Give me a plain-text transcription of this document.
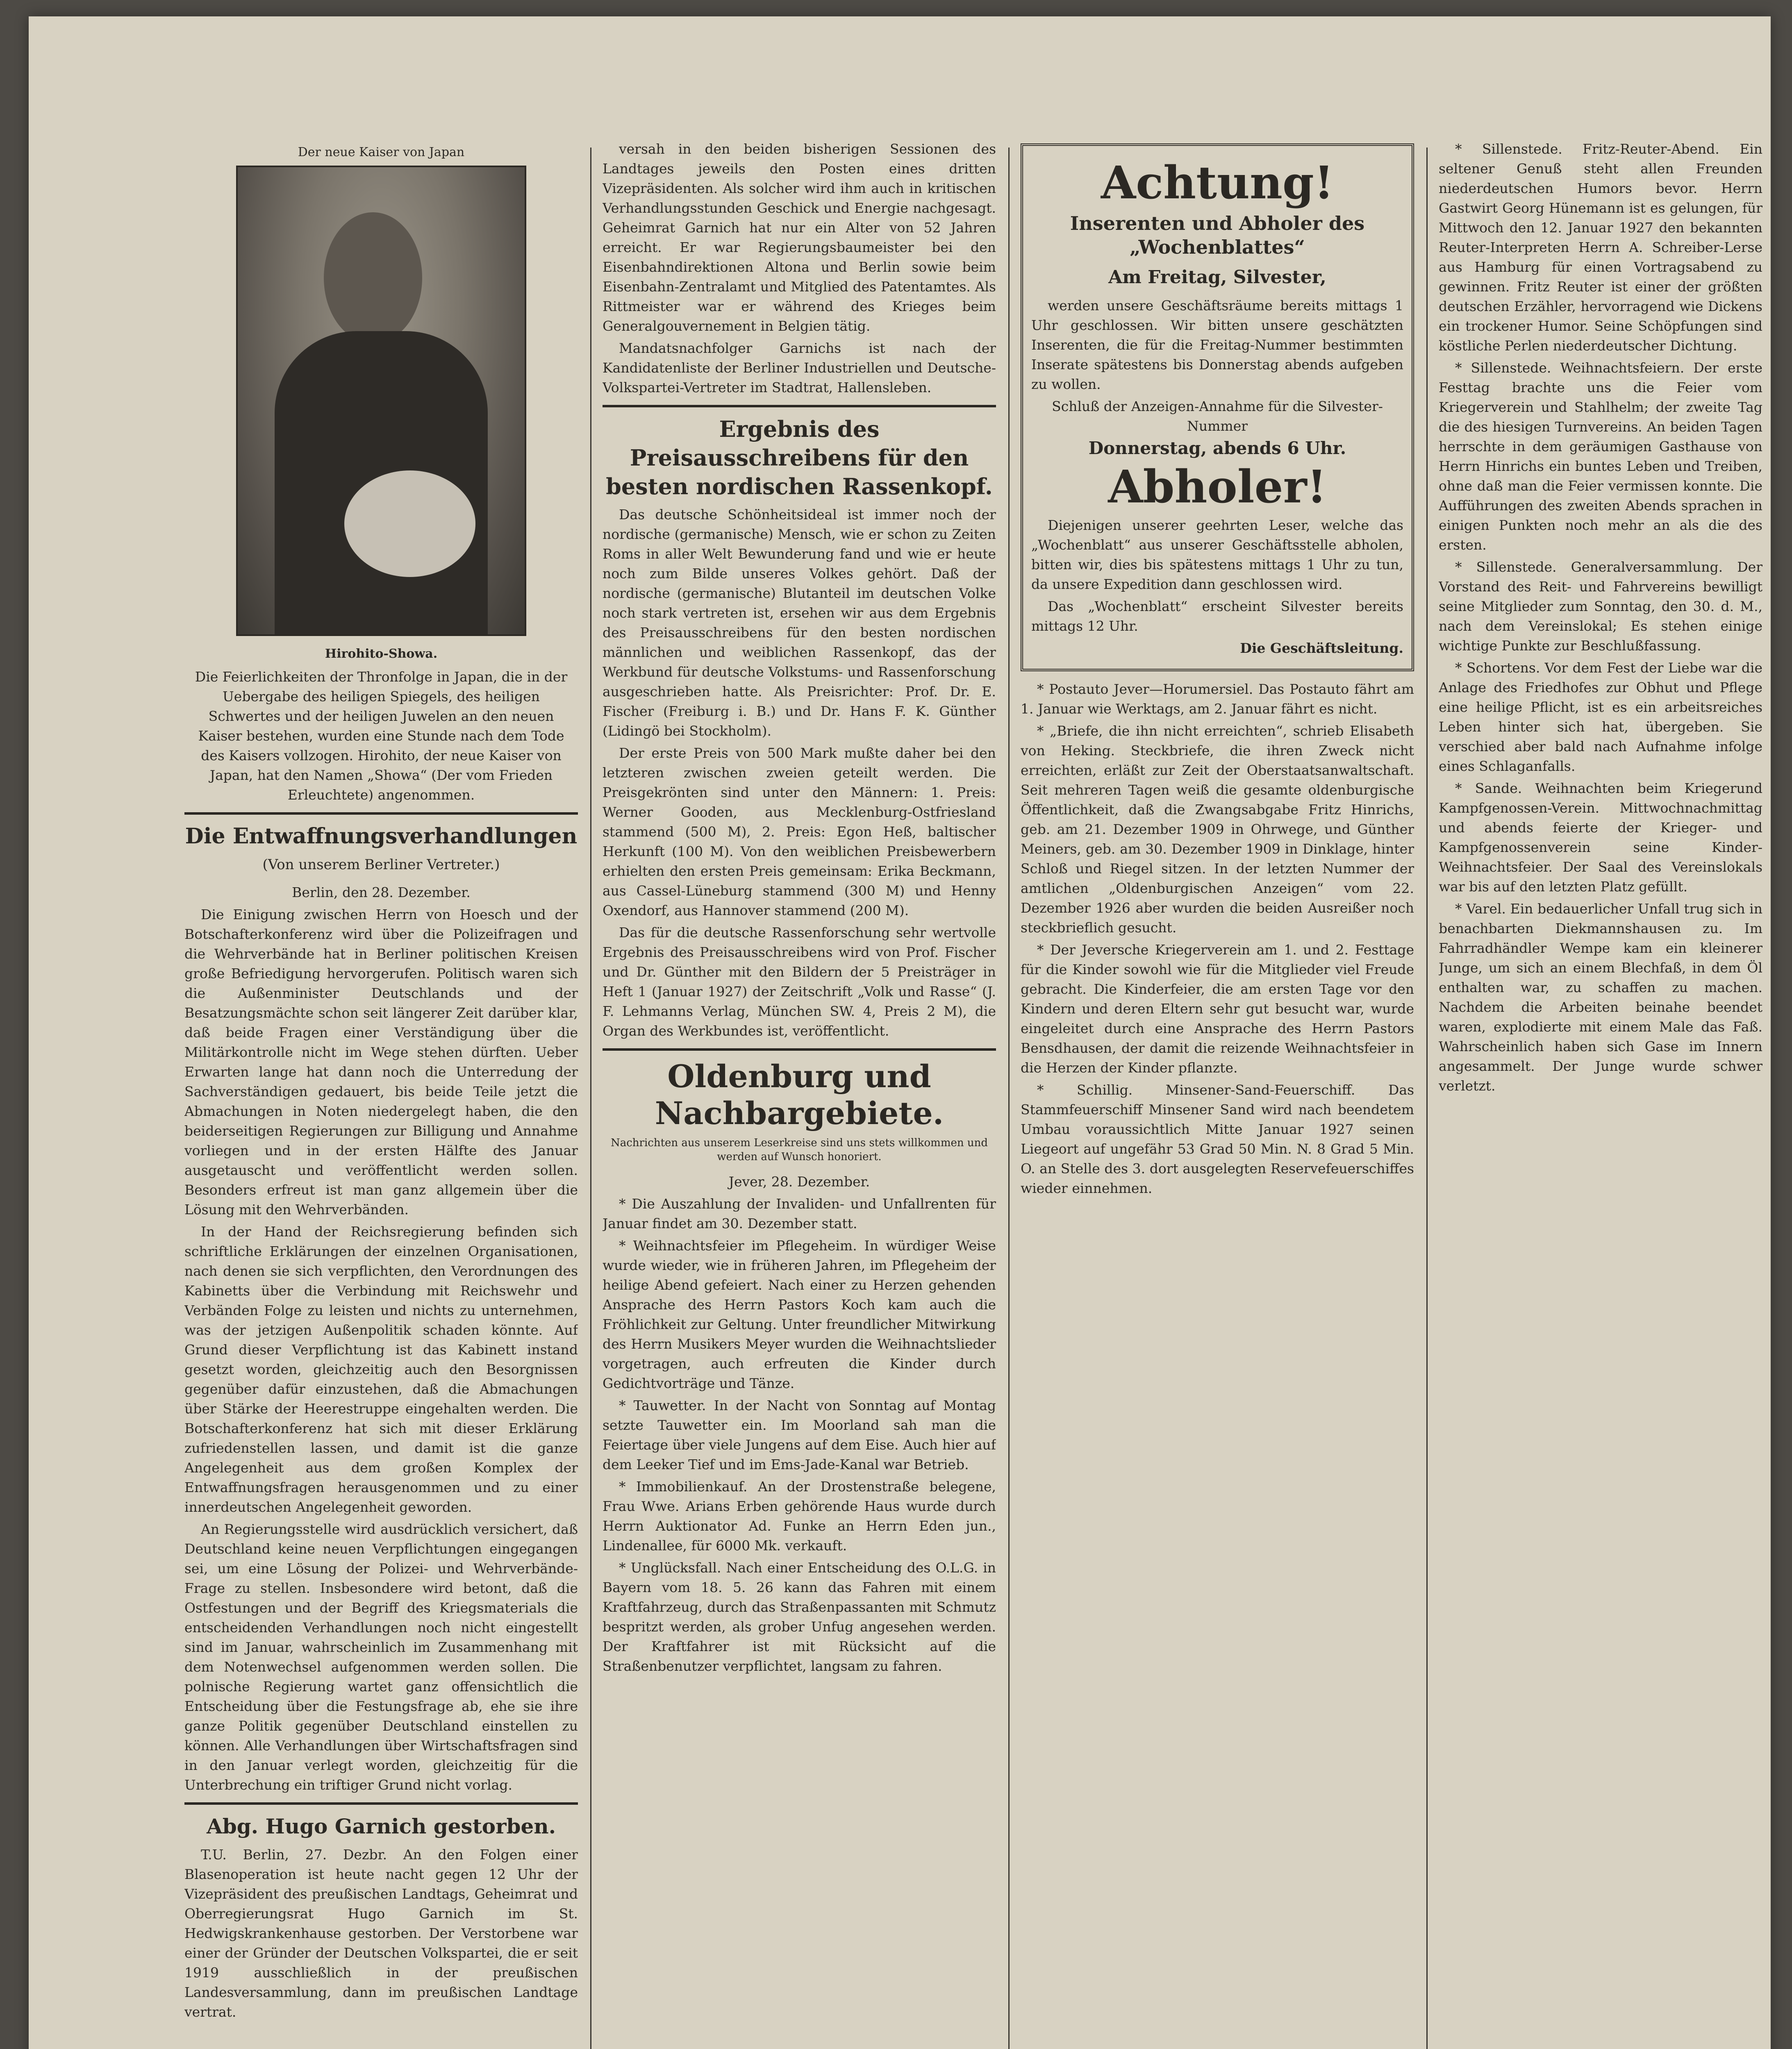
Der neue Kaiser von Japan
Hirohito-Showa.

Die Feierlichkeiten der Thronfolge in Japan, die in der Uebergabe des heiligen Spiegels, des heiligen Schwertes und der heiligen Juwelen an den neuen Kaiser bestehen, wurden eine Stunde nach dem Tode des Kaisers vollzogen. Hirohito, der neue Kaiser von Japan, hat den Namen „Showa“ (Der vom Frieden Erleuchtete) angenommen.

Die Entwaffnungsverhandlungen
(Von unserem Berliner Vertreter.)

Berlin, den 28. Dezember.

Die Einigung zwischen Herrn von Hoesch und der Botschafterkonferenz wird über die Polizeifragen und die Wehrverbände hat in Berliner politischen Kreisen große Befriedigung hervorgerufen. Politisch waren sich die Außenminister Deutschlands und der Besatzungsmächte schon seit längerer Zeit darüber klar, daß beide Fragen einer Verständigung über die Militärkontrolle nicht im Wege stehen dürften. Ueber Erwarten lange hat dann noch die Unterredung der Sachverständigen gedauert, bis beide Teile jetzt die Abmachungen in Noten niedergelegt haben, die den beiderseitigen Regierungen zur Billigung und Annahme vorliegen und in der ersten Hälfte des Januar ausgetauscht und veröffentlicht werden sollen. Besonders erfreut ist man ganz allgemein über die Lösung mit den Wehrverbänden.

In der Hand der Reichsregierung befinden sich schriftliche Erklärungen der einzelnen Organisationen, nach denen sie sich verpflichten, den Verordnungen des Kabinetts über die Verbindung mit Reichswehr und Verbänden Folge zu leisten und nichts zu unternehmen, was der jetzigen Außenpolitik schaden könnte. Auf Grund dieser Verpflichtung ist das Kabinett instand gesetzt worden, gleichzeitig auch den Besorgnissen gegenüber dafür einzustehen, daß die Abmachungen über Stärke der Heerestruppe eingehalten werden. Die Botschafterkonferenz hat sich mit dieser Erklärung zufriedenstellen lassen, und damit ist die ganze Angelegenheit aus dem großen Komplex der Entwaffnungsfragen herausgenommen und zu einer innerdeutschen Angelegenheit geworden.

An Regierungsstelle wird ausdrücklich versichert, daß Deutschland keine neuen Verpflichtungen eingegangen sei, um eine Lösung der Polizei- und Wehrverbände-Frage zu stellen. Insbesondere wird betont, daß die Ostfestungen und der Begriff des Kriegsmaterials die entscheidenden Verhandlungen noch nicht eingestellt sind im Januar, wahrscheinlich im Zusammenhang mit dem Notenwechsel aufgenommen werden sollen. Die polnische Regierung wartet ganz offensichtlich die Entscheidung über die Festungsfrage ab, ehe sie ihre ganze Politik gegenüber Deutschland einstellen zu können. Alle Verhandlungen über Wirtschaftsfragen sind in den Januar verlegt worden, gleichzeitig für die Unterbrechung ein triftiger Grund nicht vorlag.

Abg. Hugo Garnich gestorben.

T.U. Berlin, 27. Dezbr. An den Folgen einer Blasenoperation ist heute nacht gegen 12 Uhr der Vizepräsident des preußischen Landtags, Geheimrat und Oberregierungsrat Hugo Garnich im St. Hedwigskrankenhause gestorben. Der Verstorbene war einer der Gründer der Deutschen Volkspartei, die er seit 1919 ausschließlich in der preußischen Landesversammlung, dann im preußischen Landtage vertrat.

versah in den beiden bisherigen Sessionen des Landtages jeweils den Posten eines dritten Vizepräsidenten. Als solcher wird ihm auch in kritischen Verhandlungsstunden Geschick und Energie nachgesagt. Geheimrat Garnich hat nur ein Alter von 52 Jahren erreicht. Er war Regierungsbaumeister bei den Eisenbahndirektionen Altona und Berlin sowie beim Eisenbahn-Zentralamt und Mitglied des Patentamtes. Als Rittmeister war er während des Krieges beim Generalgouvernement in Belgien tätig.

Mandatsnachfolger Garnichs ist nach der Kandidatenliste der Berliner Industriellen und Deutsche-Volkspartei-Vertreter im Stadtrat, Hallensleben.

Ergebnis des Preisausschreibens für den besten nordischen Rassenkopf.

Das deutsche Schönheitsideal ist immer noch der nordische (germanische) Mensch, wie er schon zu Zeiten Roms in aller Welt Bewunderung fand und wie er heute noch zum Bilde unseres Volkes gehört. Daß der nordische (germanische) Blutanteil im deutschen Volke noch stark vertreten ist, ersehen wir aus dem Ergebnis des Preisausschreibens für den besten nordischen männlichen und weiblichen Rassenkopf, das der Werkbund für deutsche Volkstums- und Rassenforschung ausgeschrieben hatte. Als Preisrichter: Prof. Dr. E. Fischer (Freiburg i. B.) und Dr. Hans F. K. Günther (Lidingö bei Stockholm).

Der erste Preis von 500 Mark mußte daher bei den letzteren zwischen zweien geteilt werden. Die Preisgekrönten sind unter den Männern: 1. Preis: Werner Gooden, aus Mecklenburg-Ostfriesland stammend (500 M), 2. Preis: Egon Heß, baltischer Herkunft (100 M). Von den weiblichen Preisbewerbern erhielten den ersten Preis gemeinsam: Erika Beckmann, aus Cassel-Lüneburg stammend (300 M) und Henny Oxendorf, aus Hannover stammend (200 M).

Das für die deutsche Rassenforschung sehr wertvolle Ergebnis des Preisausschreibens wird von Prof. Fischer und Dr. Günther mit den Bildern der 5 Preisträger in Heft 1 (Januar 1927) der Zeitschrift „Volk und Rasse“ (J. F. Lehmanns Verlag, München SW. 4, Preis 2 M), die Organ des Werkbundes ist, veröffentlicht.

Oldenburg und Nachbargebiete.
Nachrichten aus unserem Leserkreise sind uns stets willkommen und werden auf Wunsch honoriert.

Jever, 28. Dezember.

* Die Auszahlung der Invaliden- und Unfallrenten für Januar findet am 30. Dezember statt.

* Weihnachtsfeier im Pflegeheim. In würdiger Weise wurde wieder, wie in früheren Jahren, im Pflegeheim der heilige Abend gefeiert. Nach einer zu Herzen gehenden Ansprache des Herrn Pastors Koch kam auch die Fröhlichkeit zur Geltung. Unter freundlicher Mitwirkung des Herrn Musikers Meyer wurden die Weihnachtslieder vorgetragen, auch erfreuten die Kinder durch Gedichtvorträge und Tänze.

* Tauwetter. In der Nacht von Sonntag auf Montag setzte Tauwetter ein. Im Moorland sah man die Feiertage über viele Jungens auf dem Eise. Auch hier auf dem Leeker Tief und im Ems-Jade-Kanal war Betrieb.

* Immobilienkauf. An der Drostenstraße belegene, Frau Wwe. Arians Erben gehörende Haus wurde durch Herrn Auktionator Ad. Funke an Herrn Eden jun., Lindenallee, für 6000 Mk. verkauft.

* Unglücksfall. Nach einer Entscheidung des O.L.G. in Bayern vom 18. 5. 26 kann das Fahren mit einem Kraftfahrzeug, durch das Straßenpassanten mit Schmutz bespritzt werden, als grober Unfug angesehen werden. Der Kraftfahrer ist mit Rücksicht auf die Straßenbenutzer verpflichtet, langsam zu fahren.

Achtung!
Inserenten und Abholer des „Wochenblattes“
Am Freitag, Silvester,

werden unsere Geschäftsräume bereits mittags 1 Uhr geschlossen. Wir bitten unsere geschätzten Inserenten, die für die Freitag-Nummer bestimmten Inserate spätestens bis Donnerstag abends aufgeben zu wollen.

Schluß der Anzeigen-Annahme für die Silvester-Nummer

Donnerstag, abends 6 Uhr.

Abholer!

Diejenigen unserer geehrten Leser, welche das „Wochenblatt“ aus unserer Geschäftsstelle abholen, bitten wir, dies bis spätestens mittags 1 Uhr zu tun, da unsere Expedition dann geschlossen wird.

Das „Wochenblatt“ erscheint Silvester bereits mittags 12 Uhr.

Die Geschäftsleitung.

* Postauto Jever—Horumersiel. Das Postauto fährt am 1. Januar wie Werktags, am 2. Januar fährt es nicht.

* „Briefe, die ihn nicht erreichten“, schrieb Elisabeth von Heking. Steckbriefe, die ihren Zweck nicht erreichten, erläßt zur Zeit der Oberstaatsanwaltschaft. Seit mehreren Tagen weiß die gesamte oldenburgische Öffentlichkeit, daß die Zwangsabgabe Fritz Hinrichs, geb. am 21. Dezember 1909 in Ohrwege, und Günther Meiners, geb. am 30. Dezember 1909 in Dinklage, hinter Schloß und Riegel sitzen. In der letzten Nummer der amtlichen „Oldenburgischen Anzeigen“ vom 22. Dezember 1926 aber wurden die beiden Ausreißer noch steckbrieflich gesucht.

* Der Jeversche Kriegerverein am 1. und 2. Festtage für die Kinder sowohl wie für die Mitglieder viel Freude gebracht. Die Kinderfeier, die am ersten Tage vor den Kindern und deren Eltern sehr gut besucht war, wurde eingeleitet durch eine Ansprache des Herrn Pastors Bensdhausen, der damit die reizende Weihnachtsfeier in die Herzen der Kinder pflanzte.

* Schillig. Minsener-Sand-Feuerschiff. Das Stammfeuerschiff Minsener Sand wird nach beendetem Umbau voraussichtlich Mitte Januar 1927 seinen Liegeort auf ungefähr 53 Grad 50 Min. N. 8 Grad 5 Min. O. an Stelle des 3. dort ausgelegten Reservefeuerschiffes wieder einnehmen.

* Sillenstede. Fritz-Reuter-Abend. Ein seltener Genuß steht allen Freunden niederdeutschen Humors bevor. Herrn Gastwirt Georg Hünemann ist es gelungen, für Mittwoch den 12. Januar 1927 den bekannten Reuter-Interpreten Herrn A. Schreiber-Lerse aus Hamburg für einen Vortragsabend zu gewinnen. Fritz Reuter ist einer der größten deutschen Erzähler, hervorragend wie Dickens ein trockener Humor. Seine Schöpfungen sind köstliche Perlen niederdeutscher Dichtung.

* Sillenstede. Weihnachtsfeiern. Der erste Festtag brachte uns die Feier vom Kriegerverein und Stahlhelm; der zweite Tag die des hiesigen Turnvereins. An beiden Tagen herrschte in dem geräumigen Gasthause von Herrn Hinrichs ein buntes Leben und Treiben, ohne daß man die Feier vermissen konnte. Die Aufführungen des zweiten Abends sprachen in einigen Punkten noch mehr an als die des ersten.

* Sillenstede. Generalversammlung. Der Vorstand des Reit- und Fahrvereins bewilligt seine Mitglieder zum Sonntag, den 30. d. M., nach dem Vereinslokal; Es stehen einige wichtige Punkte zur Beschlußfassung.

* Schortens. Vor dem Fest der Liebe war die Anlage des Friedhofes zur Obhut und Pflege eine heilige Pflicht, ist es ein arbeitsreiches Leben hinter sich hat, übergeben. Sie verschied aber bald nach Aufnahme infolge eines Schlaganfalls.

* Sande. Weihnachten beim Kriegerund Kampfgenossen-Verein. Mittwochnachmittag und abends feierte der Krieger- und Kampfgenossenverein seine Kinder-Weihnachtsfeier. Der Saal des Vereinslokals war bis auf den letzten Platz gefüllt.

* Varel. Ein bedauerlicher Unfall trug sich in benachbarten Diekmannshausen zu. Im Fahrradhändler Wempe kam ein kleinerer Junge, um sich an einem Blechfaß, in dem Öl enthalten war, zu schaffen zu machen. Nachdem die Arbeiten beinahe beendet waren, explodierte mit einem Male das Faß. Wahrscheinlich haben sich Gase im Innern angesammelt. Der Junge wurde schwer verletzt.
